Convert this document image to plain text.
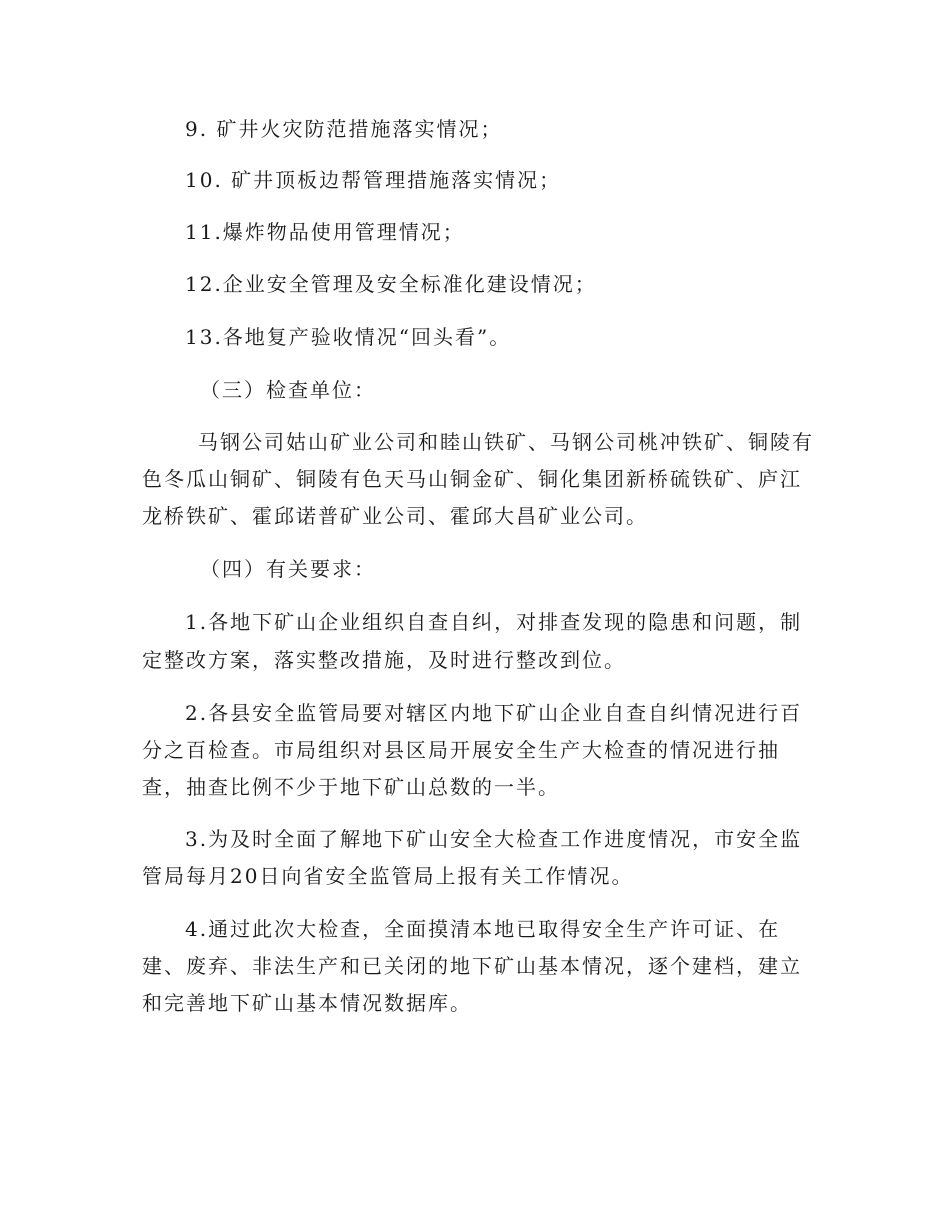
9. 矿井火灾防范措施落实情况；
10. 矿井顶板边帮管理措施落实情况；
11.爆炸物品使用管理情况；
12.企业安全管理及安全标准化建设情况；
13.各地复产验收情况“回头看”。
（三）检查单位：
马钢公司姑山矿业公司和睦山铁矿、马钢公司桃冲铁矿、铜陵有
色冬瓜山铜矿、铜陵有色天马山铜金矿、铜化集团新桥硫铁矿、庐江
龙桥铁矿、霍邱诺普矿业公司、霍邱大昌矿业公司。
（四）有关要求：
1.各地下矿山企业组织自查自纠，对排查发现的隐患和问题，制
定整改方案，落实整改措施，及时进行整改到位。
2.各县安全监管局要对辖区内地下矿山企业自查自纠情况进行百
分之百检查。市局组织对县区局开展安全生产大检查的情况进行抽
查，抽查比例不少于地下矿山总数的一半。
3.为及时全面了解地下矿山安全大检查工作进度情况，市安全监
管局每月20日向省安全监管局上报有关工作情况。
4.通过此次大检查，全面摸清本地已取得安全生产许可证、在
建、废弃、非法生产和已关闭的地下矿山基本情况，逐个建档，建立
和完善地下矿山基本情况数据库。
